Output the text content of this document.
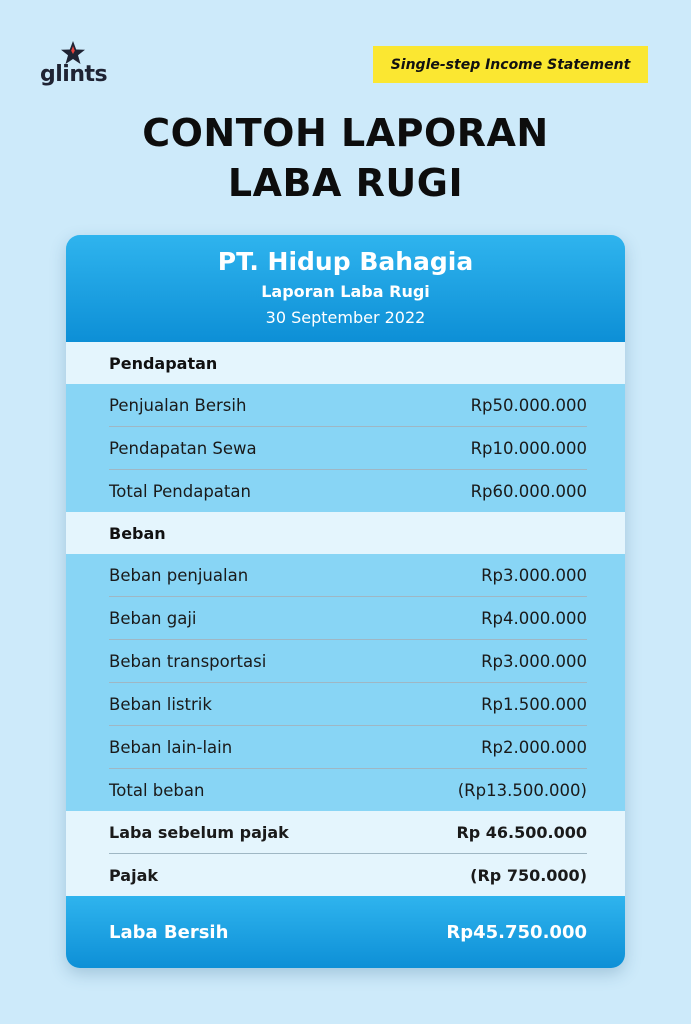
glints	Single-step Income Statement
CONTOH LAPORAN
LABA RUGI
PT. Hidup Bahagia
Laporan Laba Rugi
30 September 2022
Pendapatan
Penjualan Bersih	Rp50.000.000
Pendapatan Sewa	Rp10.000.000
Total Pendapatan	Rp60.000.000
Beban
Beban penjualan	Rp3.000.000
Beban gaji	Rp4.000.000
Beban transportasi	Rp3.000.000
Beban listrik	Rp1.500.000
Beban lain-lain	Rp2.000.000
Total beban	(Rp13.500.000)
Laba sebelum pajak	Rp 46.500.000
Pajak	(Rp 750.000)
Laba Bersih	Rp45.750.000
